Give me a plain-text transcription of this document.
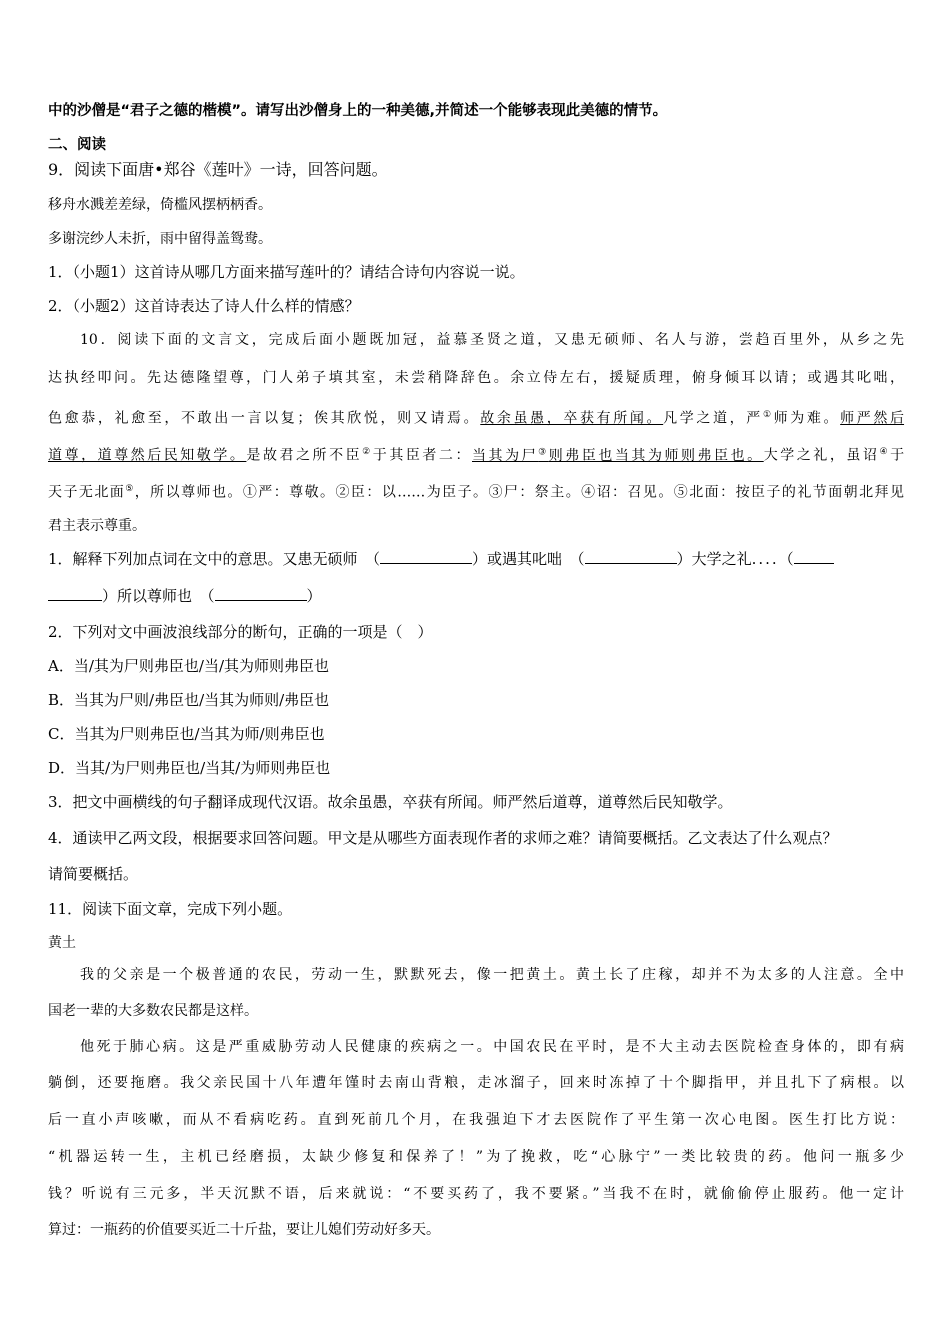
中的沙僧是“君子之德的楷模”。请写出沙僧身上的一种美德,并简述一个能够表现此美德的情节。
二、阅读
9．阅读下面唐•郑谷《莲叶》一诗，回答问题。
移舟水溅差差绿，倚槛风摆柄柄香。
多谢浣纱人未折，雨中留得盖鸳鸯。
1．（小题1）这首诗从哪几方面来描写莲叶的？请结合诗句内容说一说。
2．（小题2）这首诗表达了诗人什么样的情感？
10．阅读下面的文言文，完成后面小题既加冠，益慕圣贤之道，又患无硕师、名人与游，尝趋百里外，从乡之先
达执经叩问。先达德隆望尊，门人弟子填其室，未尝稍降辞色。余立侍左右，援疑质理，俯身倾耳以请；或遇其叱咄，
色愈恭，礼愈至，不敢出一言以复；俟其欣悦，则又请焉。故余虽愚，卒获有所闻。凡学之道，严①师为难。师严然后
道尊，道尊然后民知敬学。是故君之所不臣②于其臣者二：当其为尸③则弗臣也当其为师则弗臣也。大学之礼，虽诏④于
天子无北面⑤，所以尊师也。①严：尊敬。②臣：以……为臣子。③尸：祭主。④诏：召见。⑤北面：按臣子的礼节面朝北拜见
君主表示尊重。
1．解释下列加点词在文中的意思。又患无硕师　（	）或遇其叱咄　（	）大学之礼....（
）所以尊师也　（	）
2．下列对文中画波浪线部分的断句，正确的一项是（　）
A．当/其为尸则弗臣也/当/其为师则弗臣也
B．当其为尸则/弗臣也/当其为师则/弗臣也
C．当其为尸则弗臣也/当其为师/则弗臣也
D．当其/为尸则弗臣也/当其/为师则弗臣也
3．把文中画横线的句子翻译成现代汉语。故余虽愚，卒获有所闻。师严然后道尊，道尊然后民知敬学。
4．通读甲乙两文段，根据要求回答问题。甲文是从哪些方面表现作者的求师之难？请简要概括。乙文表达了什么观点？
请简要概括。
11．阅读下面文章，完成下列小题。
黄土
我的父亲是一个极普通的农民，劳动一生，默默死去，像一把黄土。黄土长了庄稼，却并不为太多的人注意。全中
国老一辈的大多数农民都是这样。
他死于肺心病。这是严重威胁劳动人民健康的疾病之一。中国农民在平时，是不大主动去医院检查身体的，即有病
躺倒，还要拖磨。我父亲民国十八年遭年馑时去南山背粮，走冰溜子，回来时冻掉了十个脚指甲，并且扎下了病根。以
后一直小声咳嗽，而从不看病吃药。直到死前几个月，在我强迫下才去医院作了平生第一次心电图。医生打比方说：
“机器运转一生，主机已经磨损，太缺少修复和保养了！”为了挽救，吃“心脉宁”一类比较贵的药。他问一瓶多少
钱？听说有三元多，半天沉默不语，后来就说：“不要买药了，我不要紧。”当我不在时，就偷偷停止服药。他一定计
算过：一瓶药的价值要买近二十斤盐，要让儿媳们劳动好多天。
